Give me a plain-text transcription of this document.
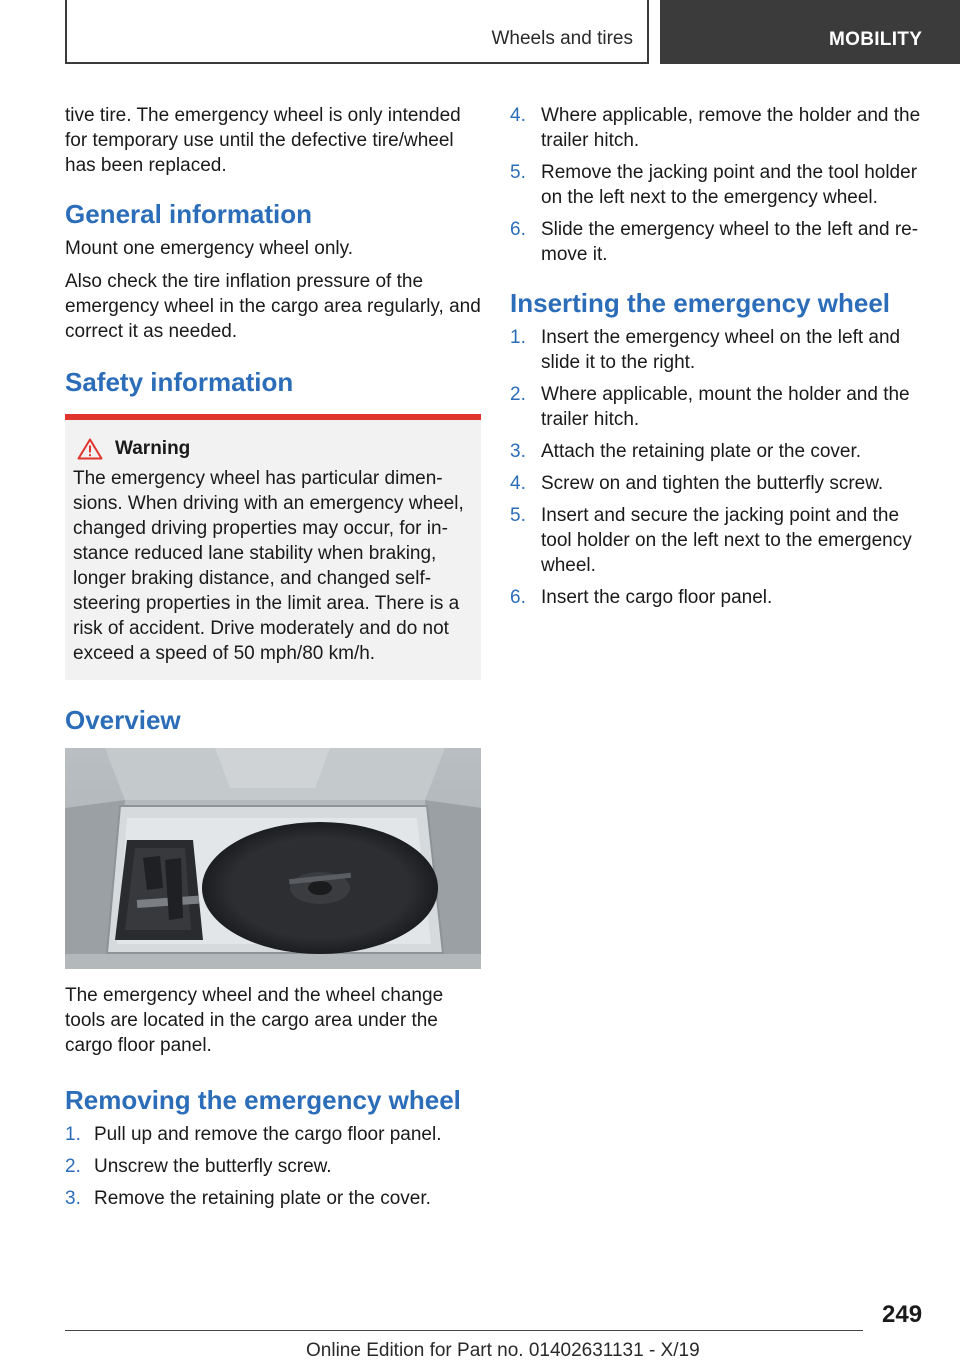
Wheels and tires	MOBILITY

tive tire. The emergency wheel is only intended for temporary use until the defective tire/wheel has been replaced.

General information

Mount one emergency wheel only.

Also check the tire inflation pressure of the emergency wheel in the cargo area regularly, and correct it as needed.

Safety information
Warning

The emergency wheel has particular dimensions. When driving with an emergency wheel, changed driving properties may occur, for instance reduced lane stability when braking, longer braking distance, and changed self-steering properties in the limit area. There is a risk of accident. Drive moderately and do not exceed a speed of 50 mph/80 km/h.

Overview

The emergency wheel and the wheel change tools are located in the cargo area under the cargo floor panel.

Removing the emergency wheel
1. Pull up and remove the cargo floor panel.
2. Unscrew the butterfly screw.
3. Remove the retaining plate or the cover.
4. Where applicable, remove the holder and the trailer hitch.
5. Remove the jacking point and the tool holder on the left next to the emergency wheel.
6. Slide the emergency wheel to the left and remove it.
Inserting the emergency wheel
1. Insert the emergency wheel on the left and slide it to the right.
2. Where applicable, mount the holder and the trailer hitch.
3. Attach the retaining plate or the cover.
4. Screw on and tighten the butterfly screw.
5. Insert and secure the jacking point and the tool holder on the left next to the emergency wheel.
6. Insert the cargo floor panel.
249
Online Edition for Part no. 01402631131 - X/19
